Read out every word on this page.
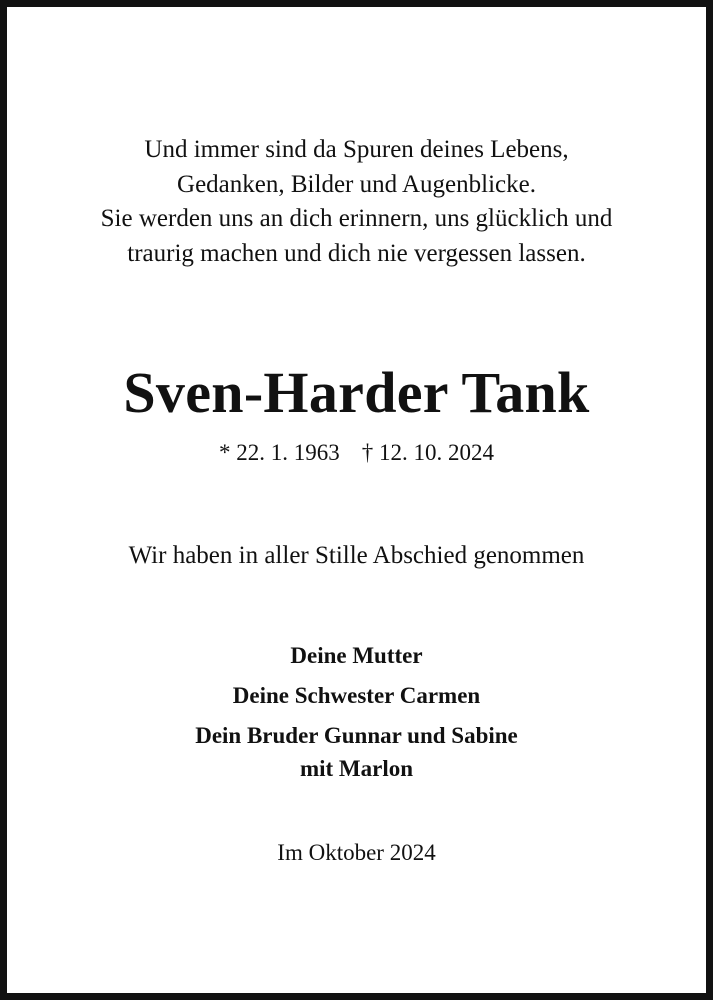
Und immer sind da Spuren deines Lebens,
Gedanken, Bilder und Augenblicke.
Sie werden uns an dich erinnern, uns glücklich und
traurig machen und dich nie vergessen lassen.
Sven-Harder Tank
* 22. 1. 1963 † 12. 10. 2024
Wir haben in aller Stille Abschied genommen
Deine Mutter
Deine Schwester Carmen
Dein Bruder Gunnar und Sabine
mit Marlon
Im Oktober 2024
